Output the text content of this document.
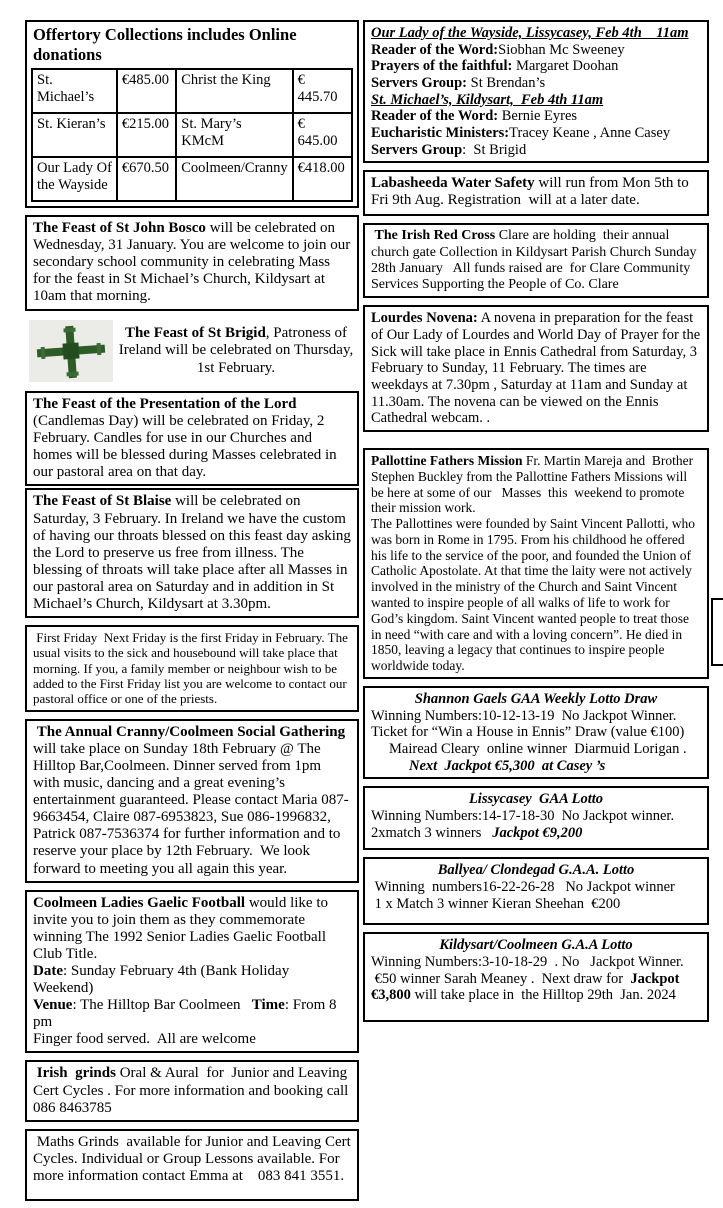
Offertory Collections includes Online donations
St. Michael’s	€485.00	Christ the King	€ 445.70
St. Kieran’s	€215.00	St. Mary’s KMcM	€ 645.00
Our Lady Of the Wayside	€670.50	Coolmeen/Cranny	€418.00

The Feast of St John Bosco will be celebrated on Wednesday, 31 January. You are welcome to join our secondary school community in celebrating Mass for the feast in St Michael’s Church, Kildysart at 10am that morning.

The Feast of St Brigid, Patroness of Ireland will be celebrated on Thursday, 1st February.

The Feast of the Presentation of the Lord (Candlemas Day) will be celebrated on Friday, 2 February. Candles for use in our Churches and homes will be blessed during Masses celebrated in our pastoral area on that day.

The Feast of St Blaise will be celebrated on Saturday, 3 February. In Ireland we have the custom of having our throats blessed on this feast day asking the Lord to preserve us free from illness. The blessing of throats will take place after all Masses in our pastoral area on Saturday and in addition in St Michael’s Church, Kildysart at 3.30pm.

First Friday  Next Friday is the first Friday in February. The usual visits to the sick and housebound will take place that morning. If you, a family member or neighbour wish to be added to the First Friday list you are welcome to contact our pastoral office or one of the priests.

The Annual Cranny/Coolmeen Social Gathering will take place on Sunday 18th February @ The Hilltop Bar,Coolmeen. Dinner served from 1pm with music, dancing and a great evening’s entertainment guaranteed. Please contact Maria 087-9663454, Claire 087-6953823, Sue 086-1996832, Patrick 087-7536374 for further information and to reserve your place by 12th February.  We look forward to meeting you all again this year.

Coolmeen Ladies Gaelic Football would like to invite you to join them as they commemorate winning The 1992 Senior Ladies Gaelic Football Club Title.

Date: Sunday February 4th (Bank Holiday Weekend)
Venue: The Hilltop Bar Coolmeen   Time: From 8 pm
Finger food served.  All are welcome

Irish  grinds Oral & Aural  for  Junior and Leaving Cert Cycles . For more information and booking call 086 8463785

Maths Grinds  available for Junior and Leaving Cert Cycles. Individual or Group Lessons available. For more information contact Emma at    083 841 3551.

Our Lady of the Wayside, Lissycasey, Feb 4th    11am
Reader of the Word:Siobhan Mc Sweeney
Prayers of the faithful: Margaret Doohan
Servers Group: St Brendan’s
St. Michael’s, Kildysart,  Feb 4th 11am
Reader of the Word: Bernie Eyres
Eucharistic Ministers:Tracey Keane , Anne Casey
Servers Group:  St Brigid

Labasheeda Water Safety will run from Mon 5th to Fri 9th Aug. Registration  will at a later date.

The Irish Red Cross Clare are holding  their annual church gate Collection in Kildysart Parish Church Sunday 28th January   All funds raised are  for Clare Community Services Supporting the People of Co. Clare

Lourdes Novena: A novena in preparation for the feast of Our Lady of Lourdes and World Day of Prayer for the Sick will take place in Ennis Cathedral from Saturday, 3 February to Sunday, 11 February. The times are weekdays at 7.30pm , Saturday at 11am and Sunday at 11.30am. The novena can be viewed on the Ennis Cathedral webcam. .

Pallottine Fathers Mission Fr. Martin Mareja and  Brother Stephen Buckley from the Pallottine Fathers Missions will be here at some of our   Masses  this  weekend to promote their mission work.

The Pallottines were founded by Saint Vincent Pallotti, who was born in Rome in 1795. From his childhood he offered his life to the service of the poor, and founded the Union of Catholic Apostolate. At that time the laity were not actively involved in the ministry of the Church and Saint Vincent wanted to inspire people of all walks of life to work for God’s kingdom. Saint Vincent wanted people to treat those in need “with care and with a loving concern”. He died in 1850, leaving a legacy that continues to inspire people worldwide today.

Shannon Gaels GAA Weekly Lotto Draw
Winning Numbers:10-12-13-19  No Jackpot Winner.
Ticket for “Win a House in Ennis” Draw (value €100)
Mairead Cleary  online winner  Diarmuid Lorigan .
Next  Jackpot €5,300  at Casey ’s
Lissycasey  GAA Lotto
Winning Numbers:14-17-18-30  No Jackpot winner.
2xmatch 3 winners   Jackpot €9,200
Ballyea/ Clondegad G.A.A. Lotto
Winning  numbers16-22-26-28   No Jackpot winner
1 x Match 3 winner Kieran Sheehan  €200
Kildysart/Coolmeen G.A.A Lotto
Winning Numbers:3-10-18-29  . No   Jackpot Winner.
€50 winner Sarah Meaney .  Next draw for  Jackpot €3,800 will take place in  the Hilltop 29th  Jan. 2024
